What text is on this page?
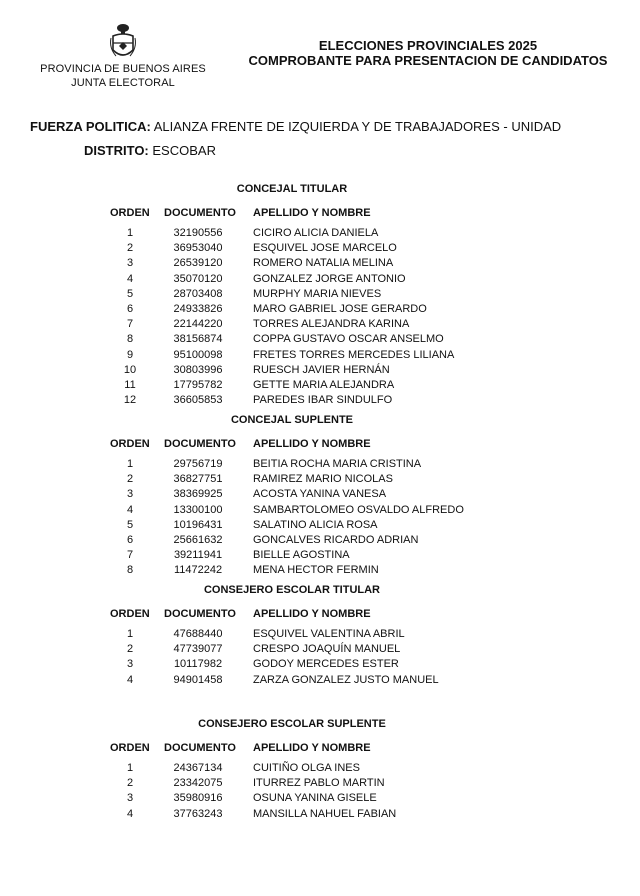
PROVINCIA DE BUENOS AIRES
JUNTA ELECTORAL
ELECCIONES PROVINCIALES 2025
COMPROBANTE PARA PRESENTACION DE CANDIDATOS
FUERZA POLITICA: ALIANZA FRENTE DE IZQUIERDA Y DE TRABAJADORES - UNIDAD
DISTRITO: ESCOBAR
CONCEJAL TITULAR
ORDEN DOCUMENTO APELLIDO Y NOMBRE
1	32190556	CICIRO ALICIA DANIELA
2	36953040	ESQUIVEL JOSE MARCELO
3	26539120	ROMERO NATALIA MELINA
4	35070120	GONZALEZ JORGE ANTONIO
5	28703408	MURPHY MARIA NIEVES
6	24933826	MARO GABRIEL JOSE GERARDO
7	22144220	TORRES ALEJANDRA KARINA
8	38156874	COPPA GUSTAVO OSCAR ANSELMO
9	95100098	FRETES TORRES MERCEDES LILIANA
10	30803996	RUESCH JAVIER HERNÁN
11	17795782	GETTE MARIA ALEJANDRA
12	36605853	PAREDES IBAR SINDULFO
CONCEJAL SUPLENTE
ORDEN DOCUMENTO APELLIDO Y NOMBRE
1	29756719	BEITIA ROCHA MARIA CRISTINA
2	36827751	RAMIREZ MARIO NICOLAS
3	38369925	ACOSTA YANINA VANESA
4	13300100	SAMBARTOLOMEO OSVALDO ALFREDO
5	10196431	SALATINO ALICIA ROSA
6	25661632	GONCALVES RICARDO ADRIAN
7	39211941	BIELLE AGOSTINA
8	11472242	MENA HECTOR FERMIN
CONSEJERO ESCOLAR TITULAR
ORDEN DOCUMENTO APELLIDO Y NOMBRE
1	47688440	ESQUIVEL VALENTINA ABRIL
2	47739077	CRESPO JOAQUÍN MANUEL
3	10117982	GODOY MERCEDES ESTER
4	94901458	ZARZA GONZALEZ JUSTO MANUEL
CONSEJERO ESCOLAR SUPLENTE
ORDEN DOCUMENTO APELLIDO Y NOMBRE
1	24367134	CUITIÑO OLGA INES
2	23342075	ITURREZ PABLO MARTIN
3	35980916	OSUNA YANINA GISELE
4	37763243	MANSILLA NAHUEL FABIAN
